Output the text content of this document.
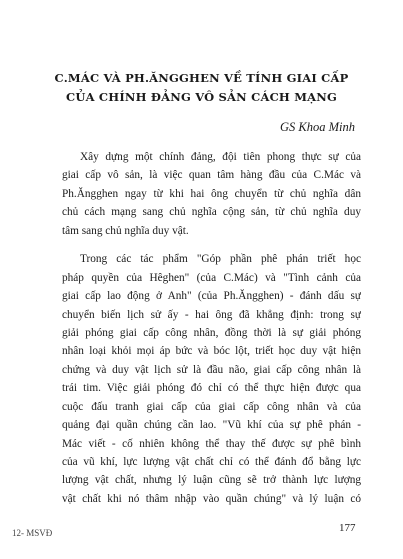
C.MÁC VÀ PH.ĂNGGHEN VỀ TÍNH GIAI CẤP
CỦA CHÍNH ĐẢNG VÔ SẢN CÁCH MẠNG
GS Khoa Minh
Xây dựng một chính đảng, đội tiên phong thực sự của
giai cấp vô sản, là việc quan tâm hàng đầu của C.Mác và
Ph.Ăngghen ngay từ khi hai ông chuyển từ chủ nghĩa dân
chủ cách mạng sang chủ nghĩa cộng sản, từ chủ nghĩa duy
tâm sang chủ nghĩa duy vật.
Trong các tác phẩm "Góp phần phê phán triết học
pháp quyền của Hêghen" (của C.Mác) và "Tình cảnh của
giai cấp lao động ở Anh" (của Ph.Ăngghen) - đánh dấu sự
chuyển biến lịch sử ấy - hai ông đã khẳng định: trong sự
giải phóng giai cấp công nhân, đồng thời là sự giải phóng
nhân loại khỏi mọi áp bức và bóc lột, triết học duy vật hiện
chứng và duy vật lịch sử là đầu não, giai cấp công nhân là
trái tim. Việc giải phóng đó chỉ có thể thực hiện được qua
cuộc đấu tranh giai cấp của giai cấp công nhân và của
quảng đại quần chúng cần lao. "Vũ khí của sự phê phán -
Mác viết - cố nhiên không thể thay thế được sự phê bình
của vũ khí, lực lượng vật chất chỉ có thể đánh đổ bằng lực
lượng vật chất, nhưng lý luận cũng sẽ trở thành lực lượng
vật chất khi nó thâm nhập vào quần chúng" và lý luận có
12- MSVĐ	177
